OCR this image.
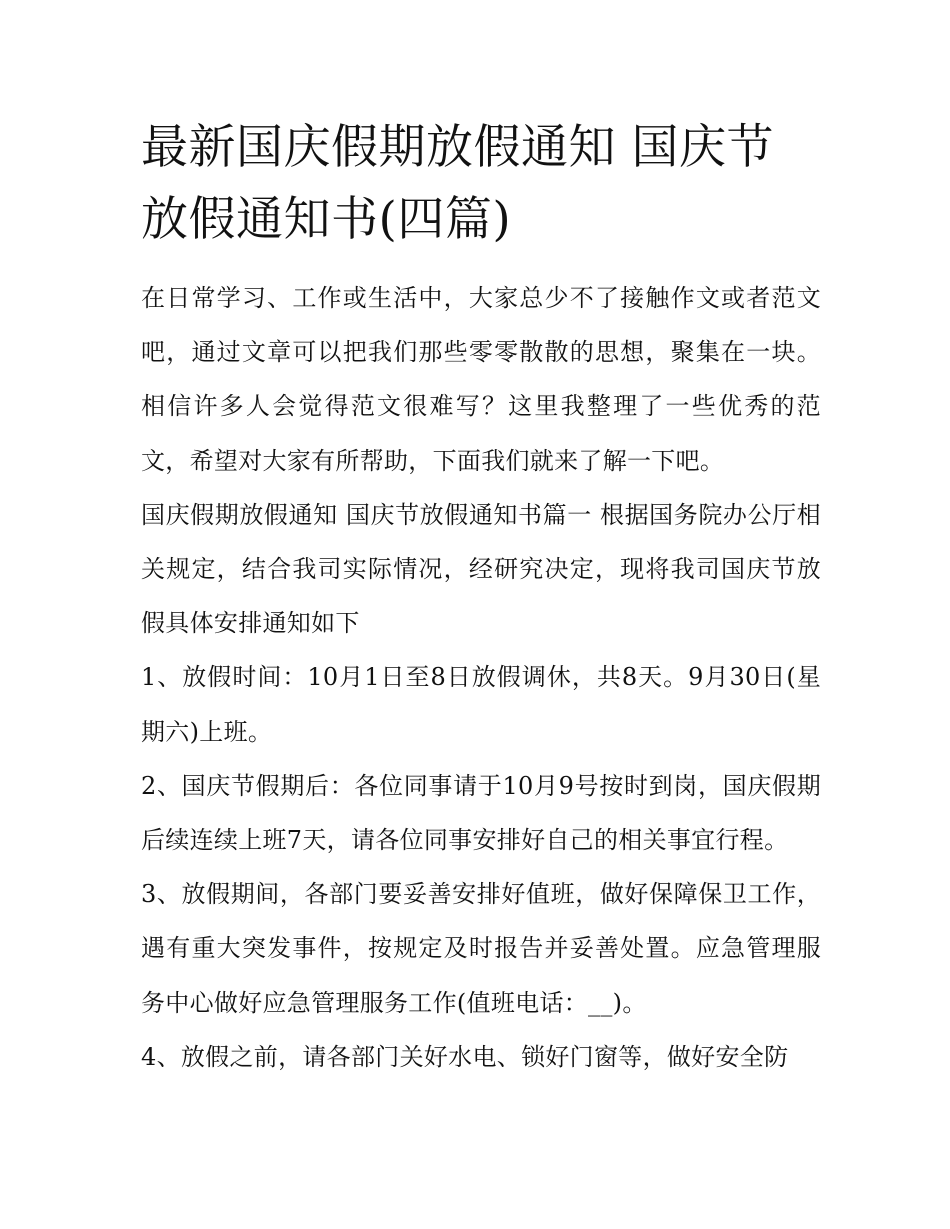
最新国庆假期放假通知 国庆节放假通知书(四篇)

在日常学习、工作或生活中，大家总少不了接触作文或者范文吧，通过文章可以把我们那些零零散散的思想，聚集在一块。相信许多人会觉得范文很难写？这里我整理了一些优秀的范文，希望对大家有所帮助，下面我们就来了解一下吧。

国庆假期放假通知 国庆节放假通知书篇一 根据国务院办公厅相关规定，结合我司实际情况，经研究决定，现将我司国庆节放假具体安排通知如下

1、放假时间：10月1日至8日放假调休，共8天。9月30日(星期六)上班。

2、国庆节假期后：各位同事请于10月9号按时到岗，国庆假期后续连续上班7天，请各位同事安排好自己的相关事宜行程。

3、放假期间，各部门要妥善安排好值班，做好保障保卫工作，遇有重大突发事件，按规定及时报告并妥善处置。应急管理服务中心做好应急管理服务工作(值班电话：__)。

4、放假之前，请各部门关好水电、锁好门窗等，做好安全防
